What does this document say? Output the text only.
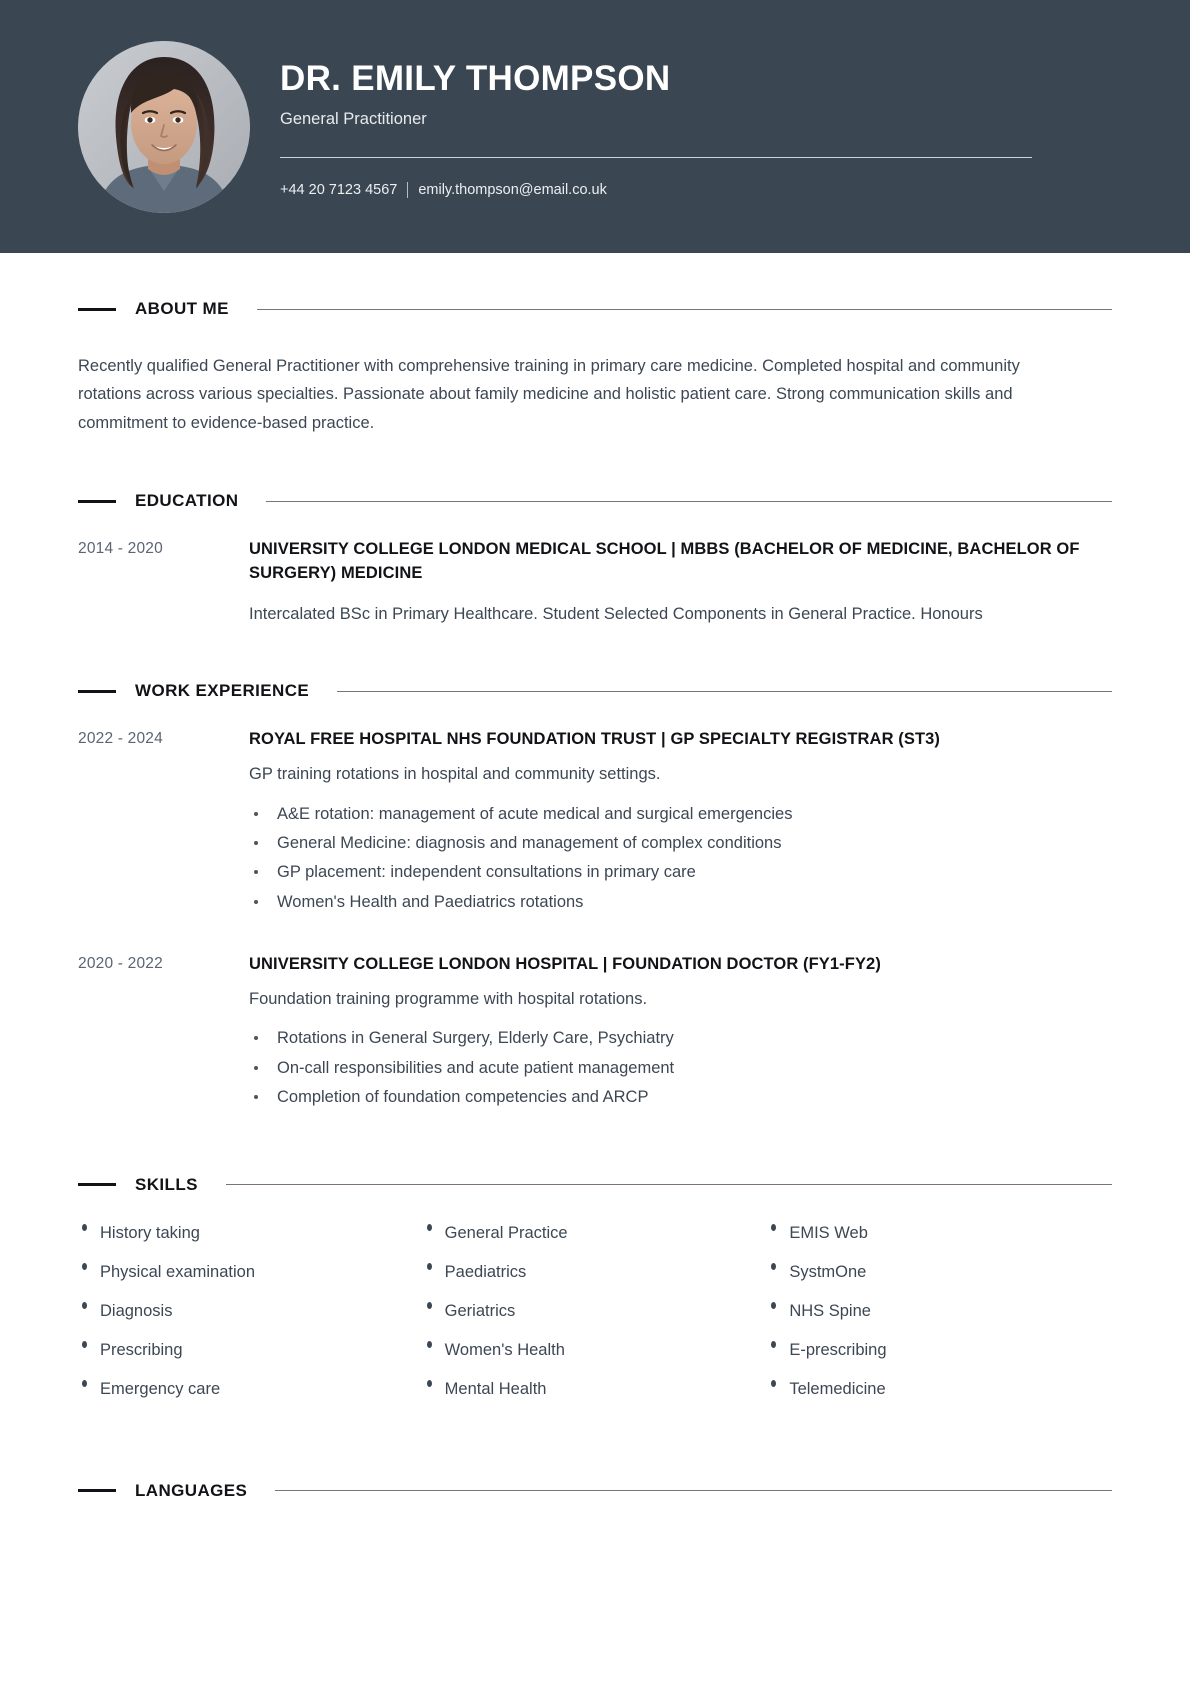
DR. EMILY THOMPSON
General Practitioner
+44 20 7123 4567 emily.thompson@email.co.uk
ABOUT ME

Recently qualified General Practitioner with comprehensive training in primary care medicine. Completed hospital and community rotations across various specialties. Passionate about family medicine and holistic patient care. Strong communication skills and commitment to evidence-based practice.

EDUCATION
2014 - 2020	UNIVERSITY COLLEGE LONDON MEDICAL SCHOOL | MBBS (BACHELOR OF MEDICINE, BACHELOR OF SURGERY) MEDICINE
Intercalated BSc in Primary Healthcare. Student Selected Components in General Practice. Honours
WORK EXPERIENCE
2022 - 2024	ROYAL FREE HOSPITAL NHS FOUNDATION TRUST | GP SPECIALTY REGISTRAR (ST3)
GP training rotations in hospital and community settings.
A&E rotation: management of acute medical and surgical emergencies
General Medicine: diagnosis and management of complex conditions
GP placement: independent consultations in primary care
Women's Health and Paediatrics rotations
2020 - 2022	UNIVERSITY COLLEGE LONDON HOSPITAL | FOUNDATION DOCTOR (FY1-FY2)
Foundation training programme with hospital rotations.
Rotations in General Surgery, Elderly Care, Psychiatry
On-call responsibilities and acute patient management
Completion of foundation competencies and ARCP
SKILLS
History taking
Physical examination
Diagnosis
Prescribing
Emergency care
General Practice
Paediatrics
Geriatrics
Women's Health
Mental Health
EMIS Web
SystmOne
NHS Spine
E-prescribing
Telemedicine
LANGUAGES
